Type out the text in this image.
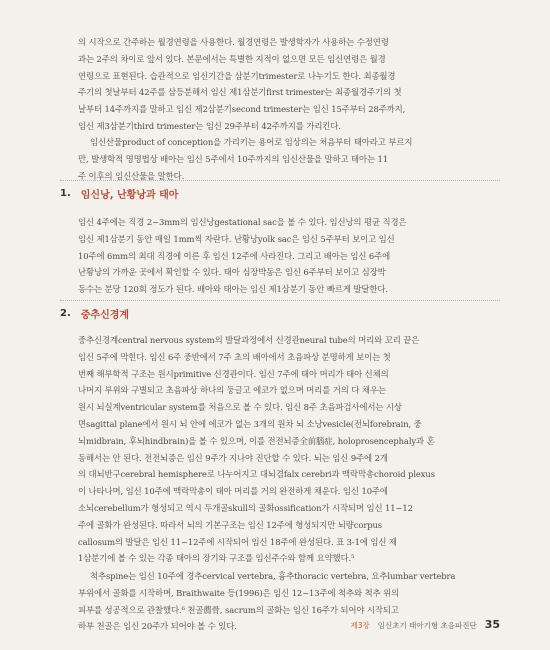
의 시작으로 간주하는 월경연령을 사용한다. 월경연령은 발생학자가 사용하는 수정연령
과는 2주의 차이로 앞서 있다. 본문에서는 특별한 지적이 없으면 모든 임신연령은 월경
연령으로 표현된다. 습관적으로 임신기간을 삼분기trimester로 나누기도 한다. 최종월경
주기의 첫날부터 42주를 삼등분해서 임신 제1삼분기first trimester는 최종월경주기의 첫
날부터 14주까지를 말하고 임신 제2삼분기second trimester는 임신 15주부터 28주까지,
임신 제3삼분기third trimester는 임신 29주부터 42주까지를 가리킨다.
임신산물product of conception을 가리키는 용어로 임상의는 처음부터 태아라고 부르지
만, 발생학적 명명법상 배아는 임신 5주에서 10주까지의 임신산물을 말하고 태아는 11
주 이후의 임신산물을 말한다.
1. 임신낭, 난황낭과 태아
임신 4주에는 직경 2~3mm의 임신낭gestational sac을 볼 수 있다. 임신낭의 평균 직경은
임신 제1삼분기 동안 매일 1mm씩 자란다. 난황낭yolk sac은 임신 5주부터 보이고 임신
10주에 6mm의 최대 직경에 이른 후 임신 12주에 사라진다. 그리고 배아는 임신 6주에
난황낭의 가까운 곳에서 확인할 수 있다. 태아 심장박동은 임신 6주부터 보이고 심장박
동수는 분당 120회 정도가 된다. 배아와 태아는 임신 제1삼분기 동안 빠르게 발달한다.
2. 중추신경계
중추신경계central nervous system의 발달과정에서 신경관neural tube의 머리와 꼬리 끝은
임신 5주에 막힌다. 임신 6주 중반에서 7주 초의 배아에서 초음파상 분명하게 보이는 첫
번째 해부학적 구조는 원시primitive 신경관이다. 임신 7주에 태아 머리가 태아 신체의
나머지 부위와 구별되고 초음파상 하나의 둥글고 에코가 없으며 머리를 거의 다 채우는
원시 뇌실계ventricular system를 처음으로 볼 수 있다. 임신 8주 초음파검사에서는 시상
면sagittal plane에서 원시 뇌 안에 에코가 없는 3개의 원차 뇌 소낭vesicle(전뇌forebrain, 중
뇌midbrain, 후뇌hindbrain)을 볼 수 있으며, 이를 전전뇌증全前腦症, holoprosencephaly과 혼
동해서는 안 된다. 전전뇌증은 임신 9주가 지나야 진단할 수 있다. 뇌는 임신 9주에 2개
의 대뇌반구cerebral hemisphere로 나누어지고 대뇌겸falx cerebri과 맥락막총choroid plexus
이 나타나며, 임신 10주에 맥락막총이 태아 머리를 거의 완전하게 채운다. 임신 10주에
소뇌cerebellum가 형성되고 역시 두개골skull의 골화ossification가 시작되며 임신 11~12
주에 골화가 완성된다. 따라서 뇌의 기본구조는 임신 12주에 형성되지만 뇌량corpus
callosum의 발달은 임신 11~12주에 시작되어 임신 18주에 완성된다. 표 3-1에 임신 제
1삼분기에 볼 수 있는 각종 태아의 장기와 구조를 임신주수와 함께 요약했다.⁵
척추spine는 임신 10주에 경추cervical vertebra, 흉추thoracic vertebra, 요추lumbar vertebra
부위에서 골화를 시작하며, Braithwaite 등(1996)은 임신 12~13주에 척추와 척추 위의
피부를 성공적으로 관찰했다.⁶ 천골薦骨, sacrum의 골화는 임신 16주가 되어야 시작되고
하부 천골은 임신 20주가 되어야 볼 수 있다.	제3장 임신초기 태아기형 초음파진단 35
